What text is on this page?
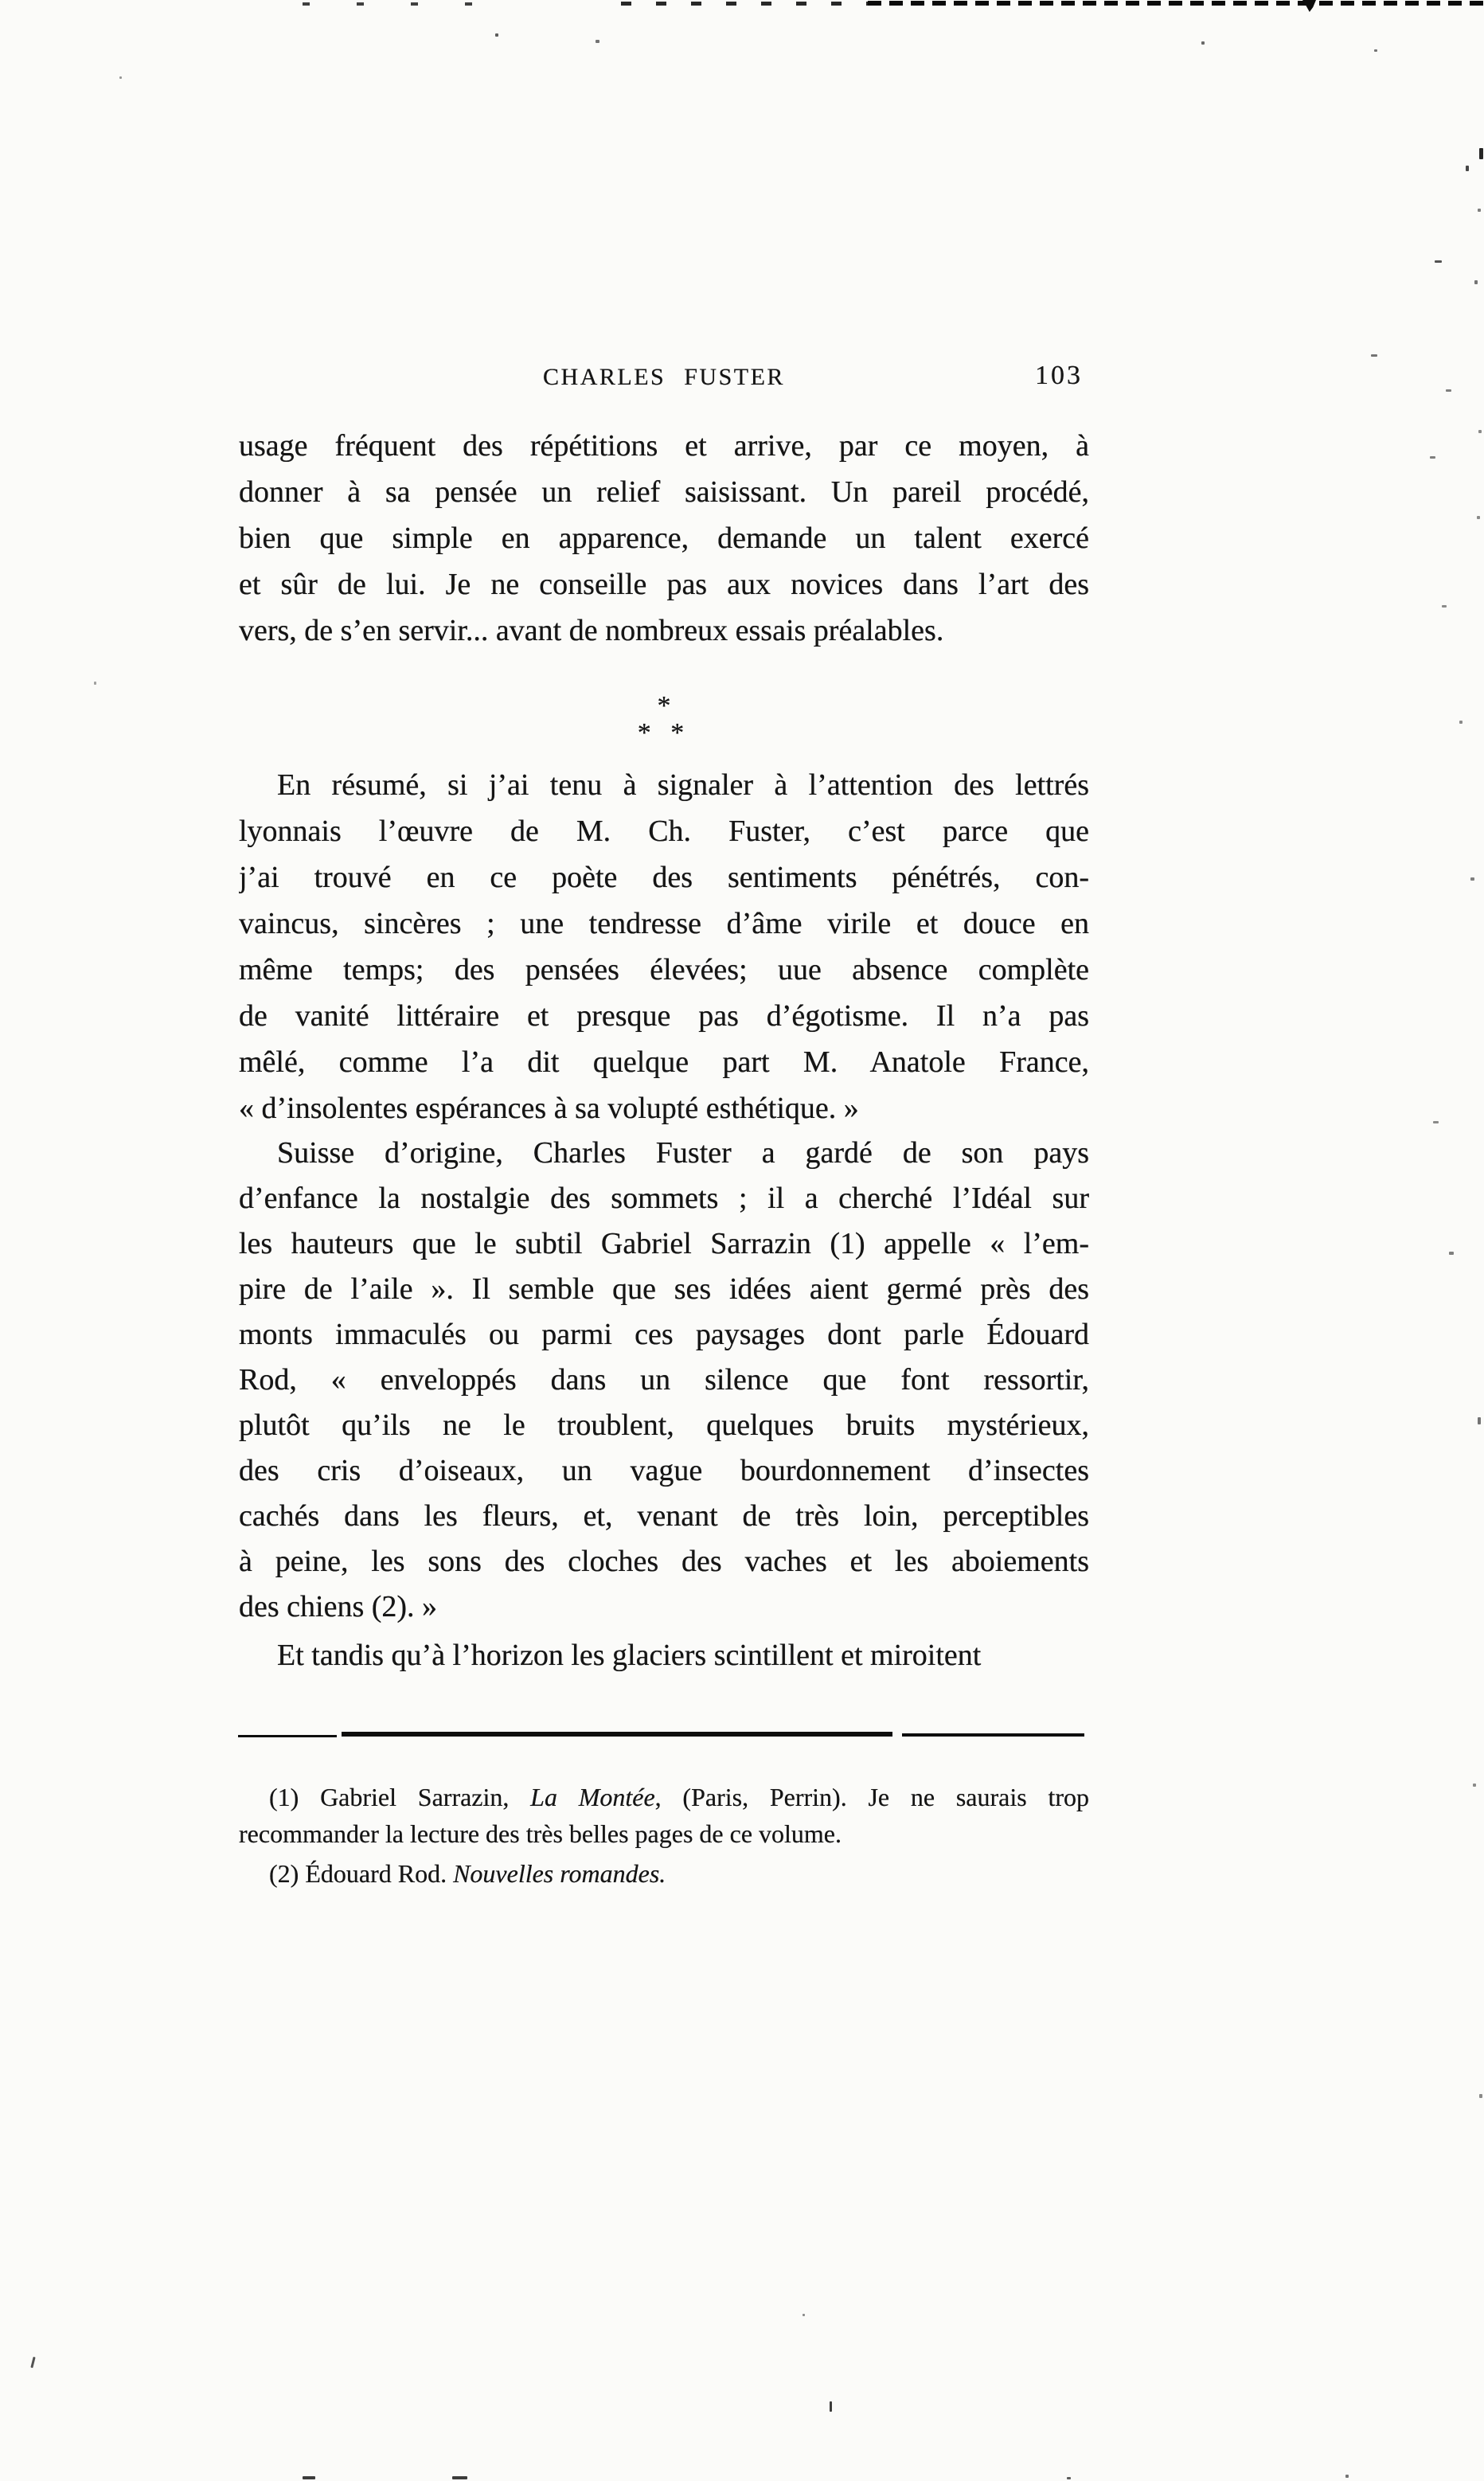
CHARLES FUSTER	103
usage fréquent des répétitions et arrive, par ce moyen, à
donner à sa pensée un relief saisissant. Un pareil procédé,
bien que simple en apparence, demande un talent exercé
et sûr de lui. Je ne conseille pas aux novices dans l’art des
vers, de s’en servir... avant de nombreux essais préalables.
*
* *
En résumé, si j’ai tenu à signaler à l’attention des lettrés
lyonnais l’œuvre de M. Ch. Fuster, c’est parce que
j’ai trouvé en ce poète des sentiments pénétrés, con-
vaincus, sincères ; une tendresse d’âme virile et douce en
même temps; des pensées élevées; uue absence complète
de vanité littéraire et presque pas d’égotisme. Il n’a pas
mêlé, comme l’a dit quelque part M. Anatole France,
« d’insolentes espérances à sa volupté esthétique. »
Suisse d’origine, Charles Fuster a gardé de son pays
d’enfance la nostalgie des sommets ; il a cherché l’Idéal sur
les hauteurs que le subtil Gabriel Sarrazin (1) appelle « l’em-
pire de l’aile ». Il semble que ses idées aient germé près des
monts immaculés ou parmi ces paysages dont parle Édouard
Rod, « enveloppés dans un silence que font ressortir,
plutôt qu’ils ne le troublent, quelques bruits mystérieux,
des cris d’oiseaux, un vague bourdonnement d’insectes
cachés dans les fleurs, et, venant de très loin, perceptibles
à peine, les sons des cloches des vaches et les aboiements
des chiens (2). »
Et tandis qu’à l’horizon les glaciers scintillent et miroitent
(1) Gabriel Sarrazin, La Montée, (Paris, Perrin). Je ne saurais trop
recommander la lecture des très belles pages de ce volume.
(2) Édouard Rod. Nouvelles romandes.
